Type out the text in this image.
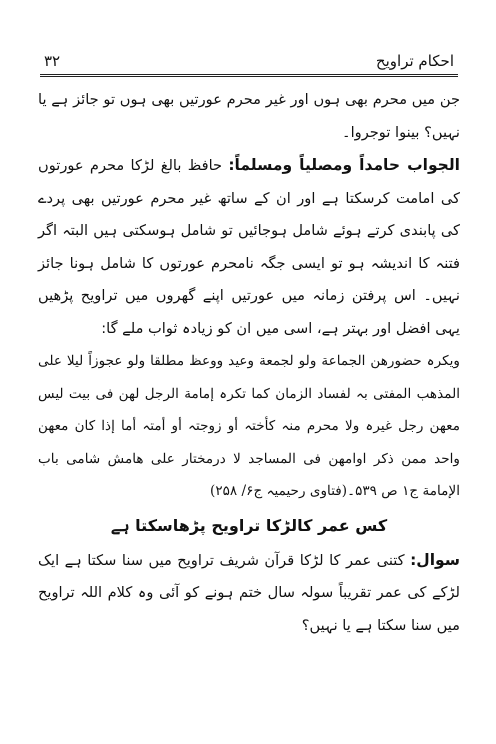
۳۲	احکام تراویح

جن میں محرم بھی ہوں اور غیر محرم عورتیں بھی ہوں تو جائز ہے یا نہیں؟ بینوا توجروا۔

الجواب حامداً ومصلیاً ومسلماً: حافظ بالغ لڑکا محرم عورتوں کی امامت کرسکتا ہے اور ان کے ساتھ غیر محرم عورتیں بھی پردے کی پابندی کرتے ہوئے شامل ہوجائیں تو شامل ہوسکتی ہیں البتہ اگر فتنہ کا اندیشہ ہو تو ایسی جگہ نامحرم عورتوں کا شامل ہونا جائز نہیں۔ اس پرفتن زمانہ میں عورتیں اپنے گھروں میں تراویح پڑھیں یہی افضل اور بہتر ہے، اسی میں ان کو زیادہ ثواب ملے گا:

ویکرہ حضورھن الجماعة ولو لجمعة وعید ووعظ مطلقا ولو عجوزاً لیلا علی المذھب المفتی بہ لفساد الزمان کما تکرہ إمامة الرجل لھن فی بیت لیس معھن رجل غیرہ ولا محرم منہ کأختہ أو زوجتہ أو أمتہ أما إذا کان معھن واحد ممن ذکر اوامھن فی المساجد لا درمختار علی ھامش شامی باب الإمامة ج۱ ص ۵۳۹۔(فتاوی رحیمیہ ج۶/ ۲۵۸)

کس عمر کالڑکا تراویح پڑھاسکتا ہے

سوال: کتنی عمر کا لڑکا قرآن شریف تراویح میں سنا سکتا ہے ایک لڑکے کی عمر تقریباً سولہ سال ختم ہونے کو آئی وہ کلام اللہ تراویح میں سنا سکتا ہے یا نہیں؟
